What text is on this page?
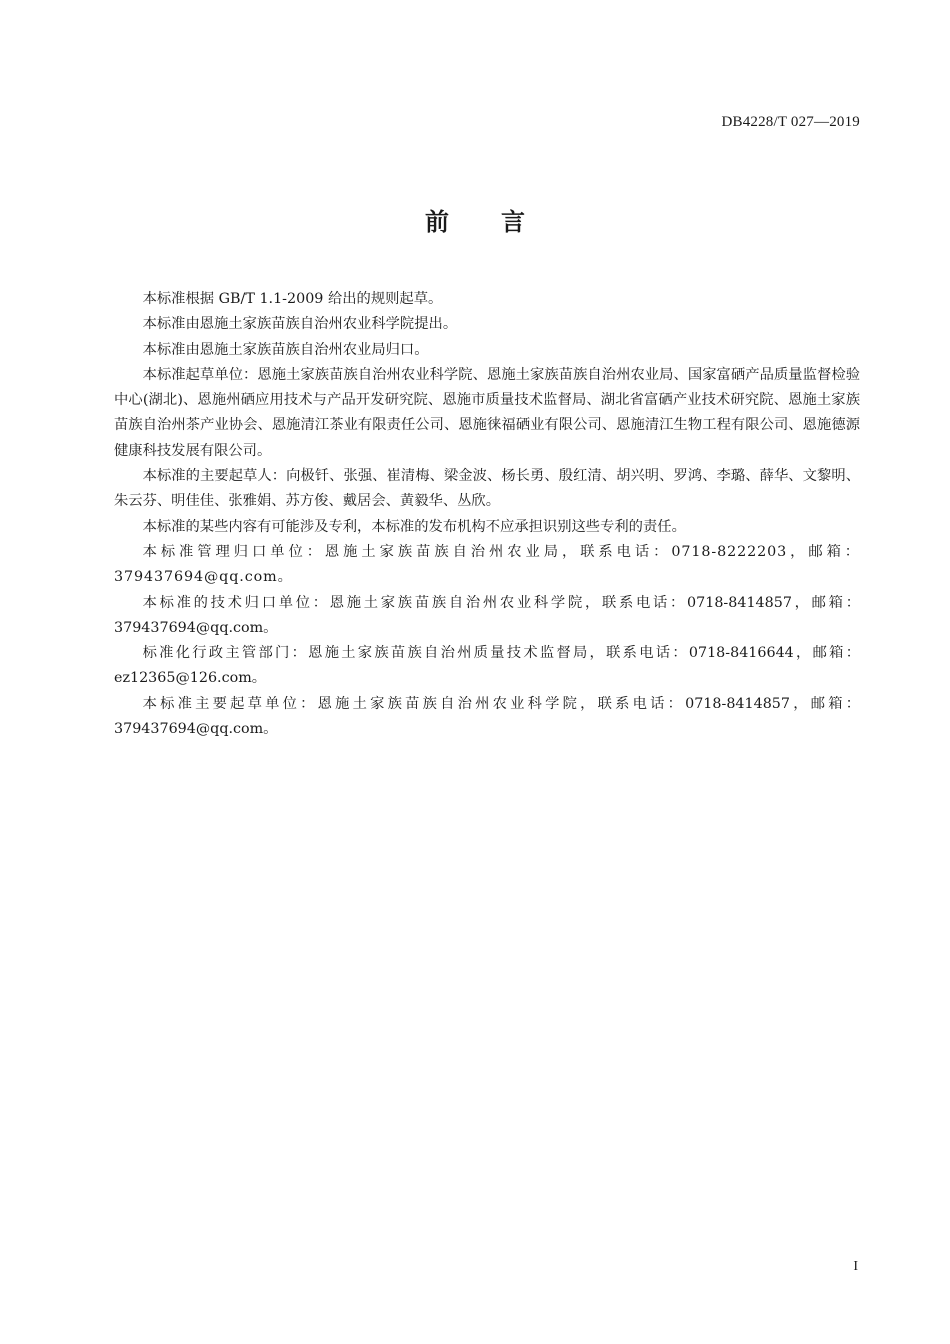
DB4228/T 027—2019
前言

本标准根据 GB/T 1.1-2009 给出的规则起草。

本标准由恩施土家族苗族自治州农业科学院提出。

本标准由恩施土家族苗族自治州农业局归口。

本标准起草单位：恩施土家族苗族自治州农业科学院、恩施土家族苗族自治州农业局、国家富硒产品质量监督检验中心(湖北)、恩施州硒应用技术与产品开发研究院、恩施市质量技术监督局、湖北省富硒产业技术研究院、恩施土家族苗族自治州茶产业协会、恩施清江茶业有限责任公司、恩施徕福硒业有限公司、恩施清江生物工程有限公司、恩施德源健康科技发展有限公司。

本标准的主要起草人：向极钎、张强、崔清梅、梁金波、杨长勇、殷红清、胡兴明、罗鸿、李璐、薛华、文黎明、朱云芬、明佳佳、张雅娟、苏方俊、戴居会、黄毅华、丛欣。

本标准的某些内容有可能涉及专利，本标准的发布机构不应承担识别这些专利的责任。

本标准管理归口单位：恩施土家族苗族自治州农业局，联系电话：0718-8222203，邮箱：379437694@qq.com。

本标准的技术归口单位：恩施土家族苗族自治州农业科学院，联系电话：0718-8414857，邮箱：379437694@qq.com。

标准化行政主管部门：恩施土家族苗族自治州质量技术监督局，联系电话：0718-8416644，邮箱：ez12365@126.com。

本标准主要起草单位：恩施土家族苗族自治州农业科学院，联系电话：0718-8414857，邮箱：379437694@qq.com。

I
